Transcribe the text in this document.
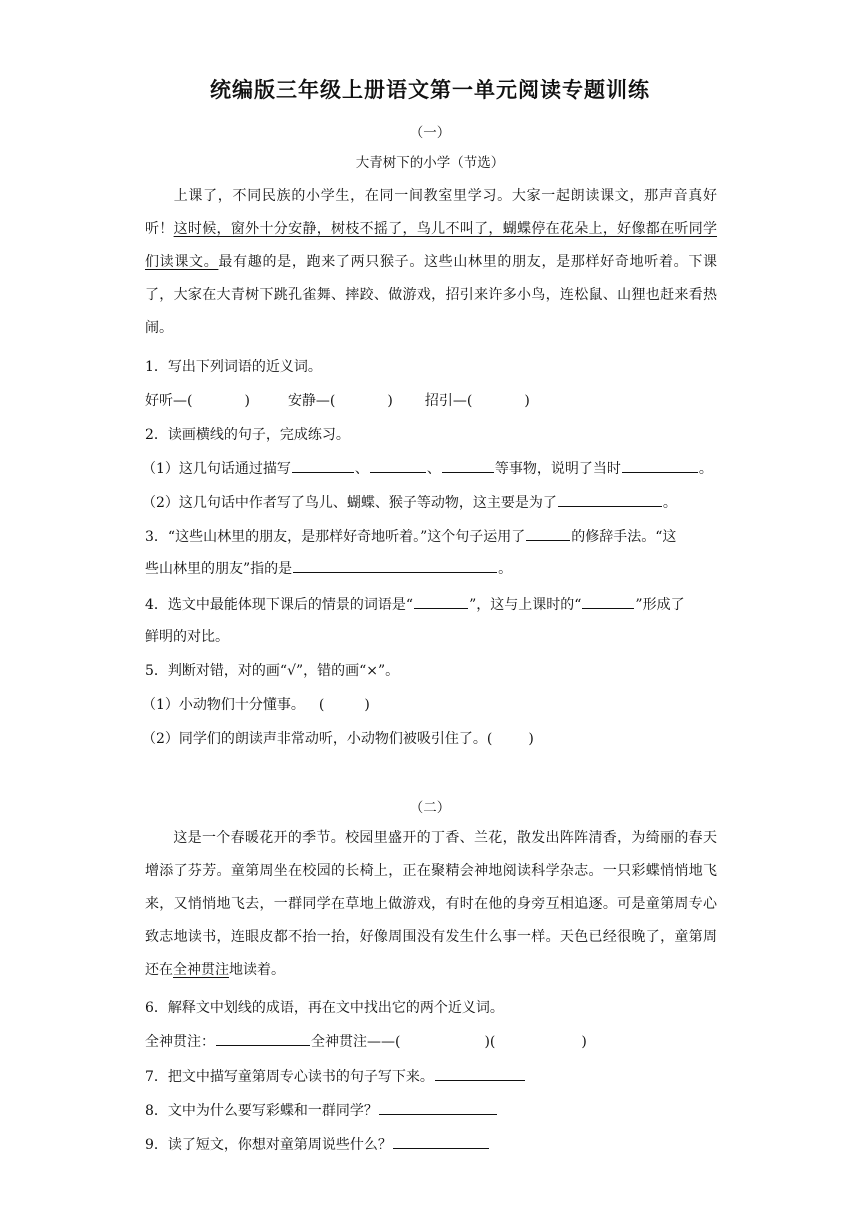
统编版三年级上册语文第一单元阅读专题训练
（一）
大青树下的小学（节选）
上课了，不同民族的小学生，在同一间教室里学习。大家一起朗读课文，那声音真好听！这时候，窗外十分安静，树枝不摇了，鸟儿不叫了，蝴蝶停在花朵上，好像都在听同学们读课文。最有趣的是，跑来了两只猴子。这些山林里的朋友，是那样好奇地听着。下课了，大家在大青树下跳孔雀舞、摔跤、做游戏，招引来许多小鸟，连松鼠、山狸也赶来看热闹。
1．写出下列词语的近义词。
好听—(	)	安静—(	) 招引—(	)
2．读画横线的句子，完成练习。
（1）这几句话通过描写	、	、	等事物，说明了当时	。
（2）这几句话中作者写了鸟儿、蝴蝶、猴子等动物，这主要是为了	。
3．“这些山林里的朋友，是那样好奇地听着。”这个句子运用了	的修辞手法。“这
些山林里的朋友”指的是	。
4．选文中最能体现下课后的情景的词语是“	”，这与上课时的“	”形成了
鲜明的对比。
5．判断对错，对的画“√”，错的画“×”。
（1）小动物们十分懂事。 (	)
（2）同学们的朗读声非常动听，小动物们被吸引住了。(	)
（二）
这是一个春暖花开的季节。校园里盛开的丁香、兰花，散发出阵阵清香，为绮丽的春天增添了芬芳。童第周坐在校园的长椅上，正在聚精会神地阅读科学杂志。一只彩蝶悄悄地飞来，又悄悄地飞去，一群同学在草地上做游戏，有时在他的身旁互相追逐。可是童第周专心致志地读书，连眼皮都不抬一抬，好像周围没有发生什么事一样。天色已经很晚了，童第周还在全神贯注地读着。
6．解释文中划线的成语，再在文中找出它的两个近义词。
全神贯注：	全神贯注——(	)(	)
7．把文中描写童第周专心读书的句子写下来。
8．文中为什么要写彩蝶和一群同学？
9．读了短文，你想对童第周说些什么？
